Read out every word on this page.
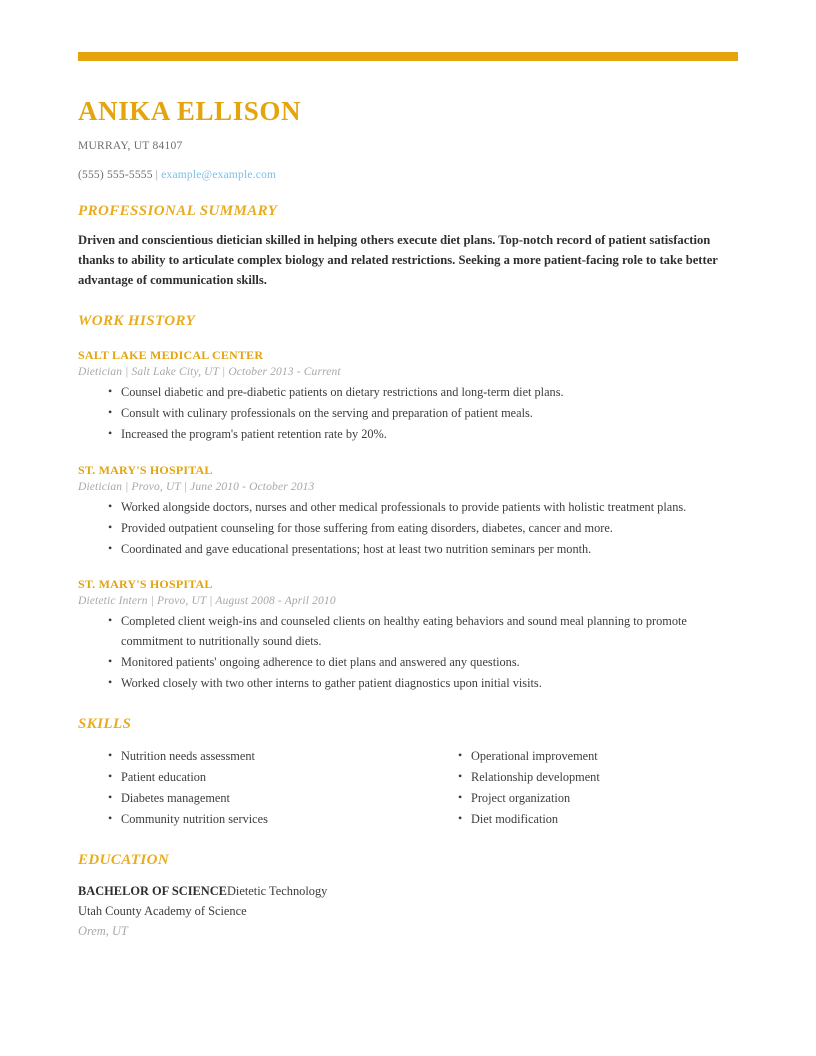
ANIKA ELLISON
MURRAY, UT 84107
(555) 555-5555 | example@example.com
PROFESSIONAL SUMMARY
Driven and conscientious dietician skilled in helping others execute diet plans. Top-notch record of patient satisfaction thanks to ability to articulate complex biology and related restrictions. Seeking a more patient-facing role to take better advantage of communication skills.
WORK HISTORY
SALT LAKE MEDICAL CENTER
Dietician | Salt Lake City, UT | October 2013 - Current
• Counsel diabetic and pre-diabetic patients on dietary restrictions and long-term diet plans.
• Consult with culinary professionals on the serving and preparation of patient meals.
• Increased the program's patient retention rate by 20%.
ST. MARY'S HOSPITAL
Dietician | Provo, UT | June 2010 - October 2013
• Worked alongside doctors, nurses and other medical professionals to provide patients with holistic treatment plans.
• Provided outpatient counseling for those suffering from eating disorders, diabetes, cancer and more.
• Coordinated and gave educational presentations; host at least two nutrition seminars per month.
ST. MARY'S HOSPITAL
Dietetic Intern | Provo, UT | August 2008 - April 2010
• Completed client weigh-ins and counseled clients on healthy eating behaviors and sound meal planning to promote commitment to nutritionally sound diets.
• Monitored patients' ongoing adherence to diet plans and answered any questions.
• Worked closely with two other interns to gather patient diagnostics upon initial visits.
SKILLS
• Nutrition needs assessment
• Patient education
• Diabetes management
• Community nutrition services
• Operational improvement
• Relationship development
• Project organization
• Diet modification
EDUCATION
BACHELOR OF SCIENCEDietetic Technology
Utah County Academy of Science
Orem, UT
